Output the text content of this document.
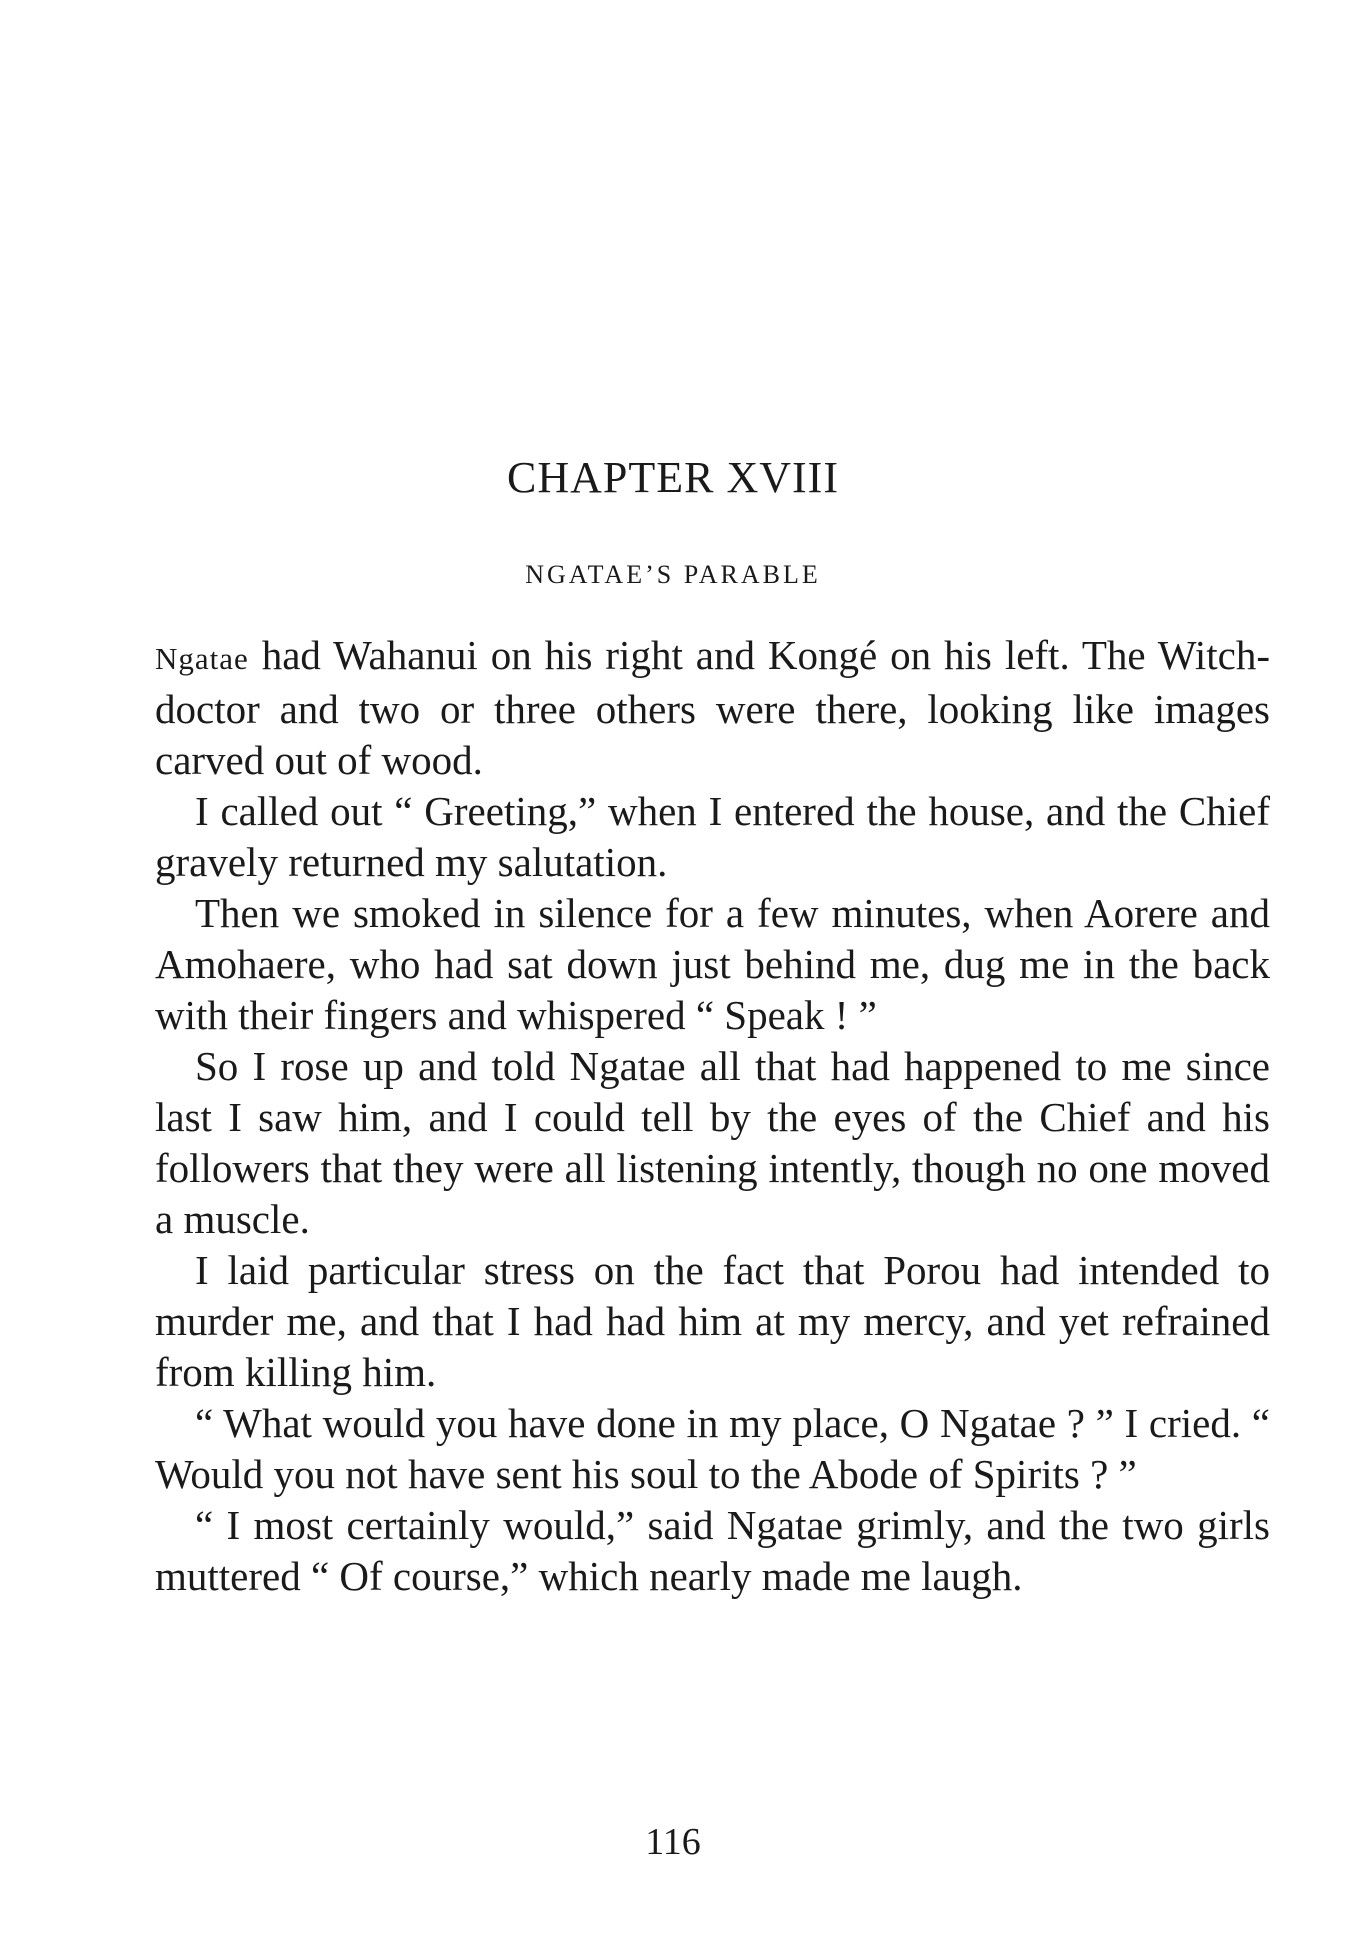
CHAPTER XVIII
NGATAE’S PARABLE

Ngatae had Wahanui on his right and Kongé on his left. The Witch-doctor and two or three others were there, looking like images carved out of wood.

I called out “ Greeting,” when I entered the house, and the Chief gravely returned my salutation.

Then we smoked in silence for a few minutes, when Aorere and Amohaere, who had sat down just behind me, dug me in the back with their fingers and whispered “ Speak ! ”

So I rose up and told Ngatae all that had happened to me since last I saw him, and I could tell by the eyes of the Chief and his followers that they were all listening intently, though no one moved a muscle.

I laid particular stress on the fact that Porou had intended to murder me, and that I had had him at my mercy, and yet refrained from killing him.

“ What would you have done in my place, O Ngatae ? ” I cried. “ Would you not have sent his soul to the Abode of Spirits ? ”

“ I most certainly would,” said Ngatae grimly, and the two girls muttered “ Of course,” which nearly made me laugh.

116
